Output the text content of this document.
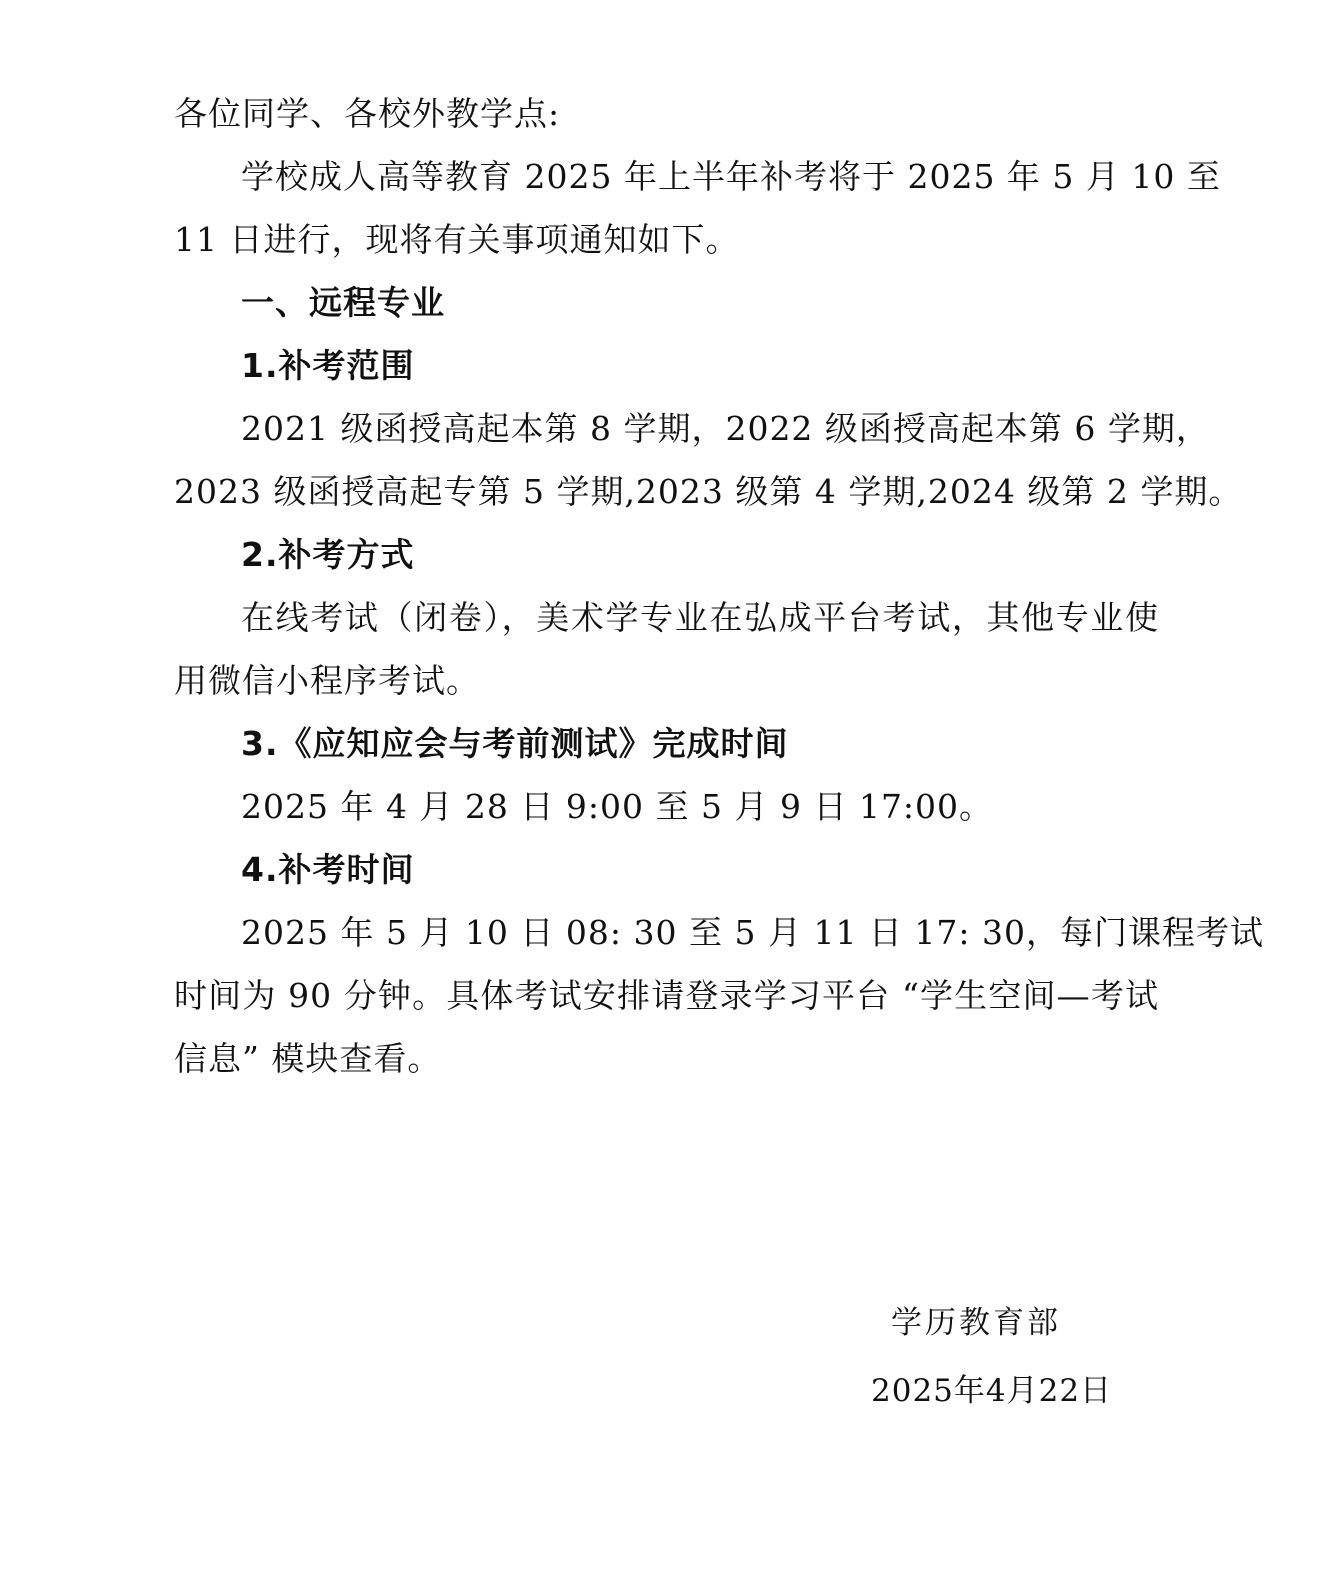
各位同学、各校外教学点:
学校成人高等教育 2025 年上半年补考将于 2025 年 5 月 10 至
11 日进行，现将有关事项通知如下。
一、远程专业
1.补考范围
2021 级函授高起本第 8 学期，2022 级函授高起本第 6 学期，
2023 级函授高起专第 5 学期,2023 级第 4 学期,2024 级第 2 学期。
2.补考方式
在线考试（闭卷），美术学专业在弘成平台考试，其他专业使
用微信小程序考试。
3.《应知应会与考前测试》完成时间
2025 年 4 月 28 日 9:00 至 5 月 9 日 17:00。
4.补考时间
2025 年 5 月 10 日 08: 30 至 5 月 11 日 17: 30，每门课程考试
时间为 90 分钟。具体考试安排请登录学习平台 “学生空间—考试
信息” 模块查看。
学历教育部
2025年4月22日
